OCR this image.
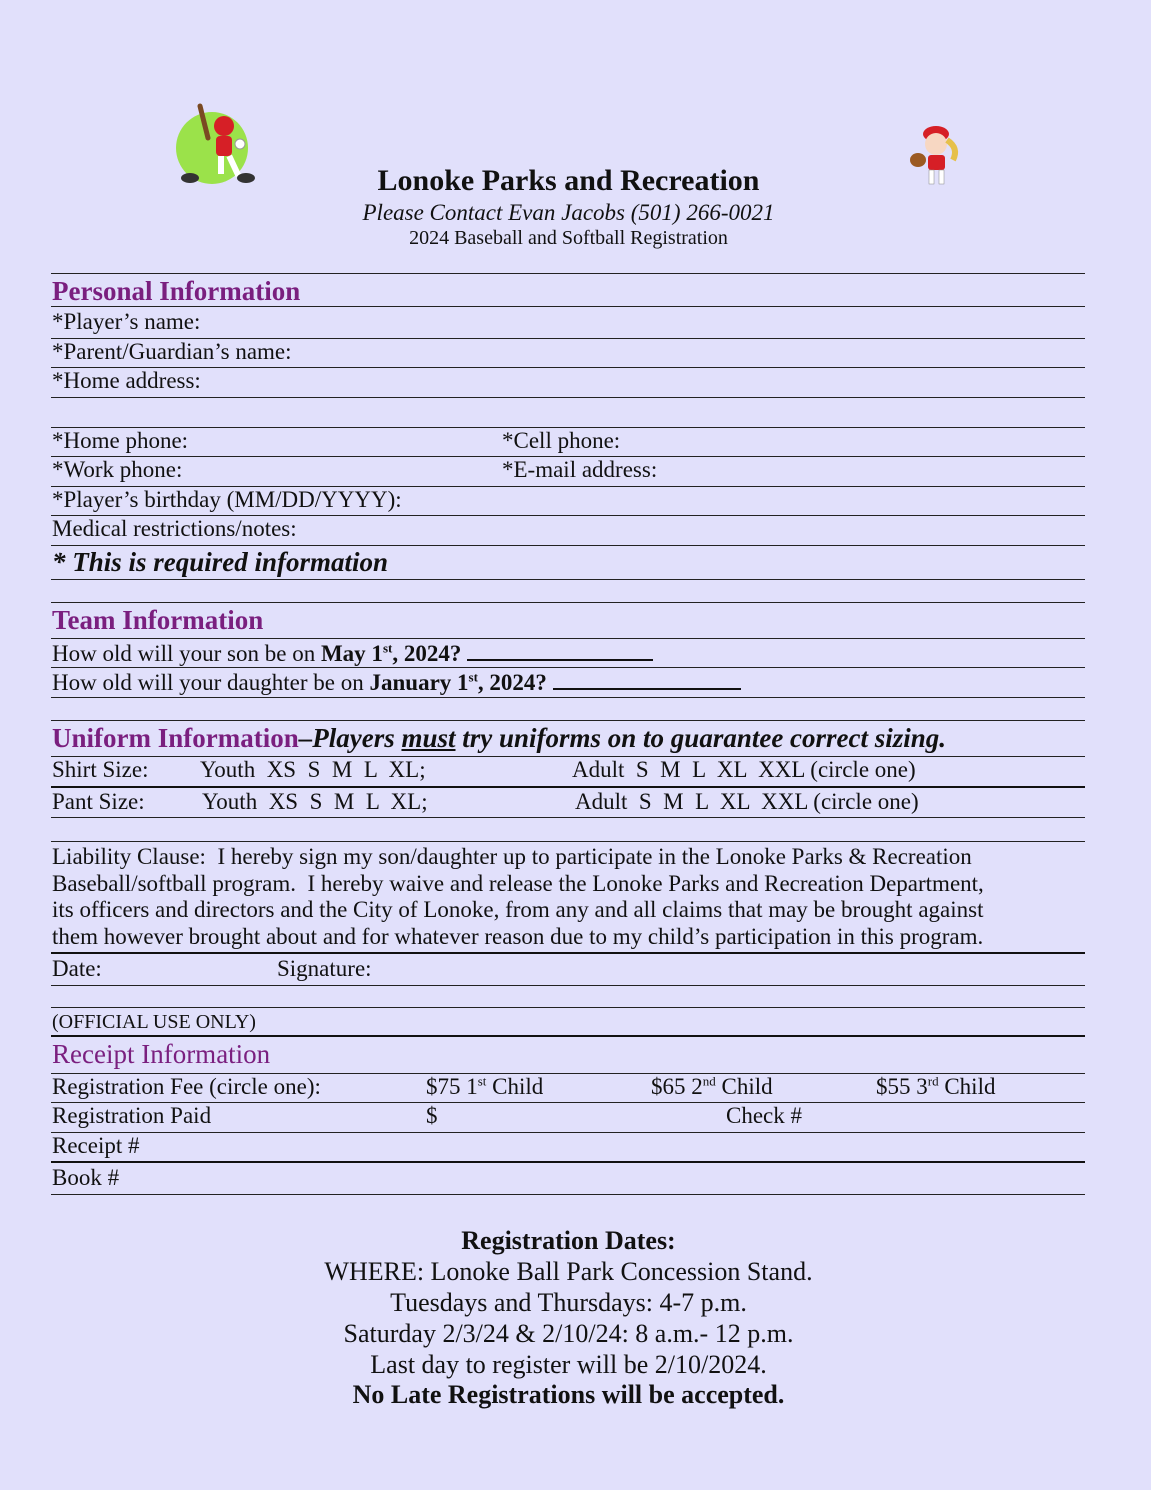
Lonoke Parks and Recreation
Please Contact Evan Jacobs (501) 266-0021
2024 Baseball and Softball Registration
Personal Information
*Player’s name:
*Parent/Guardian’s name:
*Home address:
*Home phone:	*Cell phone:
*Work phone:	*E-mail address:
*Player’s birthday (MM/DD/YYYY):
Medical restrictions/notes:
* This is required information
Team Information
How old will your son be on May 1st, 2024?
How old will your daughter be on January 1st, 2024?
Uniform Information–Players must try uniforms on to guarantee correct sizing.
Shirt Size: Youth  XS  S  M  L  XL;	Adult  S  M  L  XL  XXL (circle one)
Pant Size: Youth  XS  S  M  L  XL;	Adult  S  M  L  XL  XXL (circle one)
Liability Clause:  I hereby sign my son/daughter up to participate in the Lonoke Parks & Recreation
Baseball/softball program.  I hereby waive and release the Lonoke Parks and Recreation Department,
its officers and directors and the City of Lonoke, from any and all claims that may be brought against
them however brought about and for whatever reason due to my child’s participation in this program.
Date:	Signature:
(OFFICIAL USE ONLY)
Receipt Information
Registration Fee (circle one):	$75 1st Child	$65 2nd Child	$55 3rd Child
Registration Paid	$	Check #
Receipt #
Book #
Registration Dates:
WHERE: Lonoke Ball Park Concession Stand.
Tuesdays and Thursdays: 4-7 p.m.
Saturday 2/3/24 & 2/10/24: 8 a.m.- 12 p.m.
Last day to register will be 2/10/2024.
No Late Registrations will be accepted.
